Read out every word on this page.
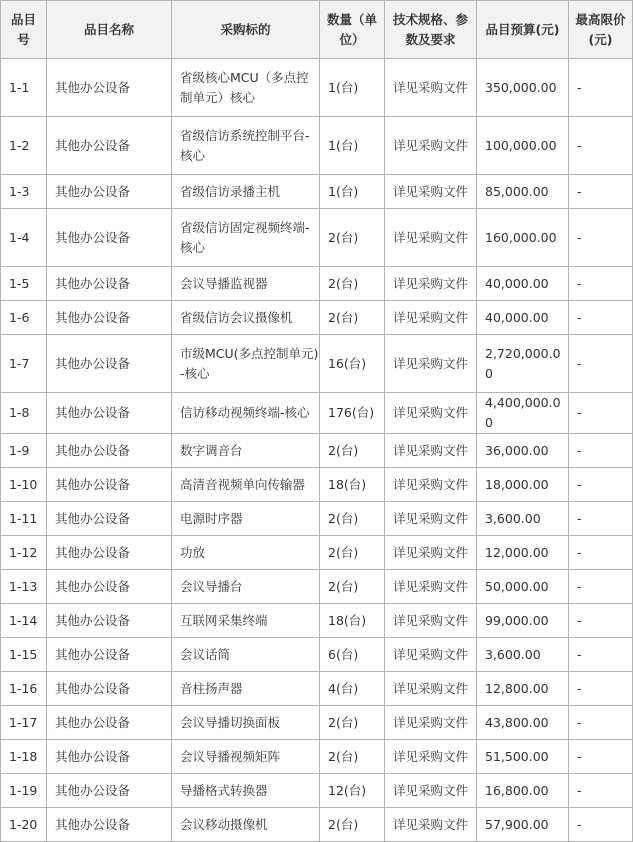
品目号	品目名称	采购标的	数量（单位）	技术规格、参数及要求	品目预算(元)	最高限价(元)
1-1	其他办公设备	省级核心MCU（多点控制单元）核心	1(台)	详见采购文件	350,000.00	-
1-2	其他办公设备	省级信访系统控制平台-核心	1(台)	详见采购文件	100,000.00	-
1-3	其他办公设备	省级信访录播主机	1(台)	详见采购文件	85,000.00	-
1-4	其他办公设备	省级信访固定视频终端-核心	2(台)	详见采购文件	160,000.00	-
1-5	其他办公设备	会议导播监视器	2(台)	详见采购文件	40,000.00	-
1-6	其他办公设备	省级信访会议摄像机	2(台)	详见采购文件	40,000.00	-
1-7	其他办公设备	市级MCU(多点控制单元)-核心	16(台)	详见采购文件	2,720,000.00	-
1-8	其他办公设备	信访移动视频终端-核心	176(台)	详见采购文件	4,400,000.00	-
1-9	其他办公设备	数字调音台	2(台)	详见采购文件	36,000.00	-
1-10	其他办公设备	高清音视频单向传输器	18(台)	详见采购文件	18,000.00	-
1-11	其他办公设备	电源时序器	2(台)	详见采购文件	3,600.00	-
1-12	其他办公设备	功放	2(台)	详见采购文件	12,000.00	-
1-13	其他办公设备	会议导播台	2(台)	详见采购文件	50,000.00	-
1-14	其他办公设备	互联网采集终端	18(台)	详见采购文件	99,000.00	-
1-15	其他办公设备	会议话筒	6(台)	详见采购文件	3,600.00	-
1-16	其他办公设备	音柱扬声器	4(台)	详见采购文件	12,800.00	-
1-17	其他办公设备	会议导播切换面板	2(台)	详见采购文件	43,800.00	-
1-18	其他办公设备	会议导播视频矩阵	2(台)	详见采购文件	51,500.00	-
1-19	其他办公设备	导播格式转换器	12(台)	详见采购文件	16,800.00	-
1-20	其他办公设备	会议移动摄像机	2(台)	详见采购文件	57,900.00	-
